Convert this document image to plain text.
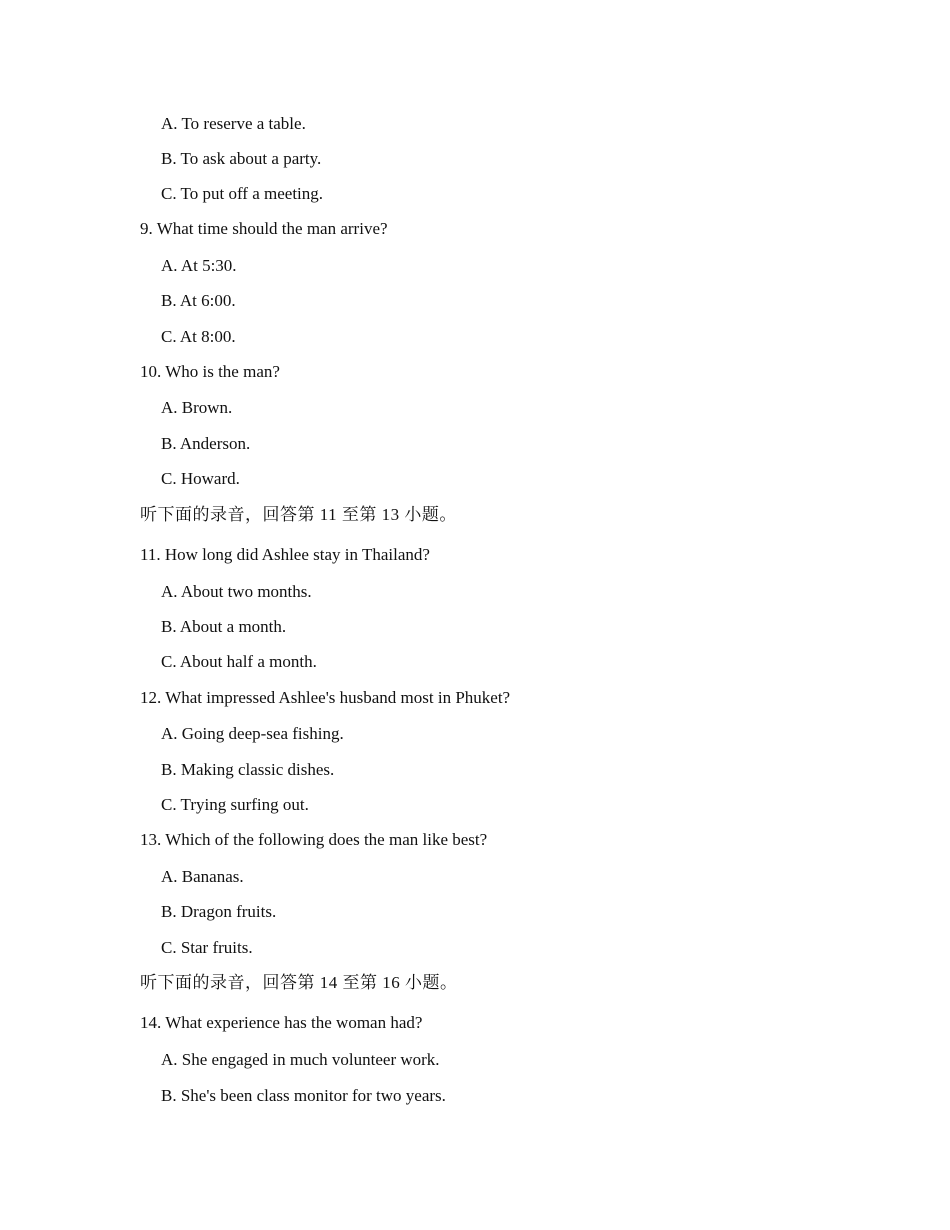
A. To reserve a table.
B. To ask about a party.
C. To put off a meeting.
9. What time should the man arrive?
A. At 5:30.
B. At 6:00.
C. At 8:00.
10. Who is the man?
A. Brown.
B. Anderson.
C. Howard.
听下面的录音，回答第 11 至第 13 小题。
11. How long did Ashlee stay in Thailand?
A. About two months.
B. About a month.
C. About half a month.
12. What impressed Ashlee's husband most in Phuket?
A. Going deep-sea fishing.
B. Making classic dishes.
C. Trying surfing out.
13. Which of the following does the man like best?
A. Bananas.
B. Dragon fruits.
C. Star fruits.
听下面的录音，回答第 14 至第 16 小题。
14. What experience has the woman had?
A. She engaged in much volunteer work.
B. She's been class monitor for two years.
